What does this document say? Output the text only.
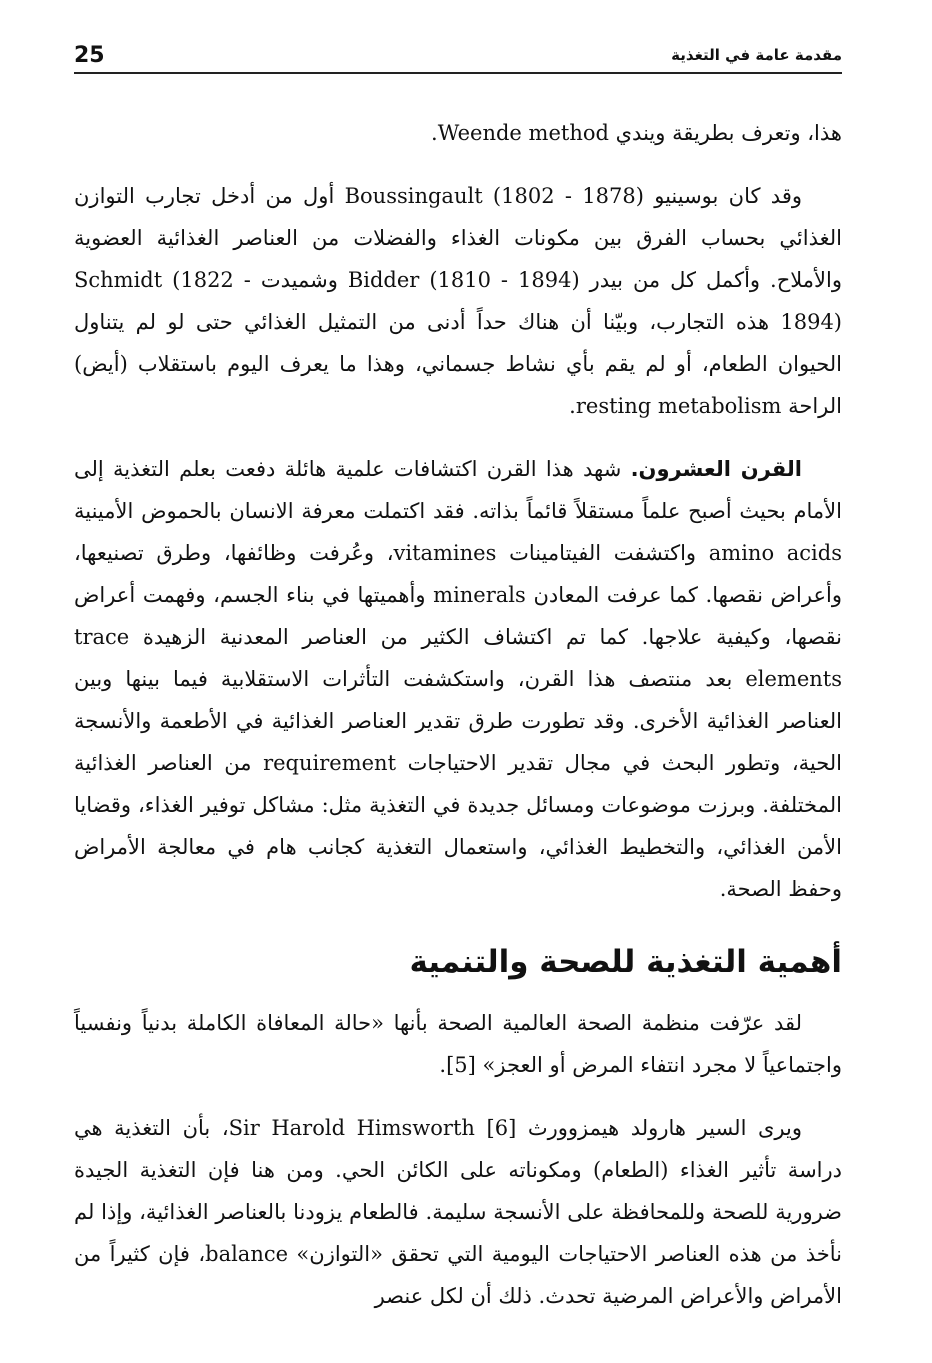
25	مقدمة عامة في التغذية

هذا، وتعرف بطريقة ويندي Weende method.

وقد كان بوسينيو Boussingault (1802 - 1878) أول من أدخل تجارب التوازن الغذائي بحساب الفرق بين مكونات الغذاء والفضلات من العناصر الغذائية العضوية والأملاح. وأكمل كل من بيدر Bidder (1810 - 1894) وشميدت Schmidt (1822 - 1894) هذه التجارب، وبيّنا أن هناك حداً أدنى من التمثيل الغذائي حتى لو لم يتناول الحيوان الطعام، أو لم يقم بأي نشاط جسماني، وهذا ما يعرف اليوم باستقلاب (أيض) الراحة resting metabolism.

القرن العشرون. شهد هذا القرن اكتشافات علمية هائلة دفعت بعلم التغذية إلى الأمام بحيث أصبح علماً مستقلاً قائماً بذاته. فقد اكتملت معرفة الانسان بالحموض الأمينية amino acids واكتشفت الفيتامينات vitamines، وعُرفت وظائفها، وطرق تصنيعها، وأعراض نقصها. كما عرفت المعادن minerals وأهميتها في بناء الجسم، وفهمت أعراض نقصها، وكيفية علاجها. كما تم اكتشاف الكثير من العناصر المعدنية الزهيدة trace elements بعد منتصف هذا القرن، واستكشفت التأثرات الاستقلابية فيما بينها وبين العناصر الغذائية الأخرى. وقد تطورت طرق تقدير العناصر الغذائية في الأطعمة والأنسجة الحية، وتطور البحث في مجال تقدير الاحتياجات requirement من العناصر الغذائية المختلفة. وبرزت موضوعات ومسائل جديدة في التغذية مثل: مشاكل توفير الغذاء، وقضايا الأمن الغذائي، والتخطيط الغذائي، واستعمال التغذية كجانب هام في معالجة الأمراض وحفظ الصحة.

أهمية التغذية للصحة والتنمية

لقد عرّفت منظمة الصحة العالمية الصحة بأنها «حالة المعافاة الكاملة بدنياً ونفسياً واجتماعياً لا مجرد انتفاء المرض أو العجز» [5].

ويرى السير هارولد هيمزوورث Sir Harold Himsworth [6]، بأن التغذية هي دراسة تأثير الغذاء (الطعام) ومكوناته على الكائن الحي. ومن هنا فإن التغذية الجيدة ضرورية للصحة وللمحافظة على الأنسجة سليمة. فالطعام يزودنا بالعناصر الغذائية، وإذا لم نأخذ من هذه العناصر الاحتياجات اليومية التي تحقق «التوازن» balance، فإن كثيراً من الأمراض والأعراض المرضية تحدث. ذلك أن لكل عنصر
